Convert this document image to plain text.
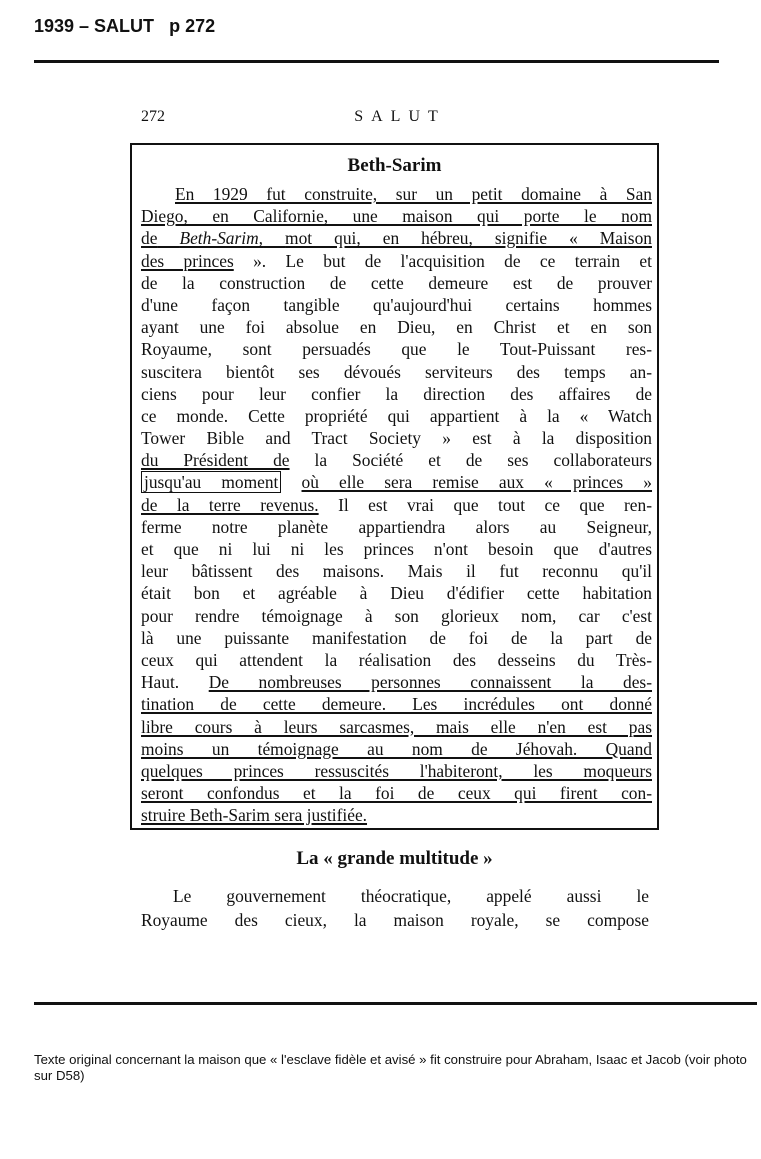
1939 – SALUT p 272
272	SALUT
Beth-Sarim
En 1929 fut construite, sur un petit domaine à San
Diego, en Californie, une maison qui porte le nom
de Beth-Sarim, mot qui, en hébreu, signifie « Maison
des princes ». Le but de l'acquisition de ce terrain et
de la construction de cette demeure est de prouver
d'une façon tangible qu'aujourd'hui certains hommes
ayant une foi absolue en Dieu, en Christ et en son
Royaume, sont persuadés que le Tout-Puissant res-
suscitera bientôt ses dévoués serviteurs des temps an-
ciens pour leur confier la direction des affaires de
ce monde. Cette propriété qui appartient à la « Watch
Tower Bible and Tract Society » est à la disposition
du Président de la Société et de ses collaborateurs
jusqu'au moment où elle sera remise aux « princes »
de la terre revenus. Il est vrai que tout ce que ren-
ferme notre planète appartiendra alors au Seigneur,
et que ni lui ni les princes n'ont besoin que d'autres
leur bâtissent des maisons. Mais il fut reconnu qu'il
était bon et agréable à Dieu d'édifier cette habitation
pour rendre témoignage à son glorieux nom, car c'est
là une puissante manifestation de foi de la part de
ceux qui attendent la réalisation des desseins du Très-
Haut. De nombreuses personnes connaissent la des-
tination de cette demeure. Les incrédules ont donné
libre cours à leurs sarcasmes, mais elle n'en est pas
moins un témoignage au nom de Jéhovah. Quand
quelques princes ressuscités l'habiteront, les moqueurs
seront confondus et la foi de ceux qui firent con-
struire Beth-Sarim sera justifiée.
La « grande multitude »
Le gouvernement théocratique, appelé aussi le
Royaume des cieux, la maison royale, se compose
Texte original concernant la maison que « l'esclave fidèle et avisé » fit construire pour Abraham, Isaac et Jacob (voir photo sur D58)
